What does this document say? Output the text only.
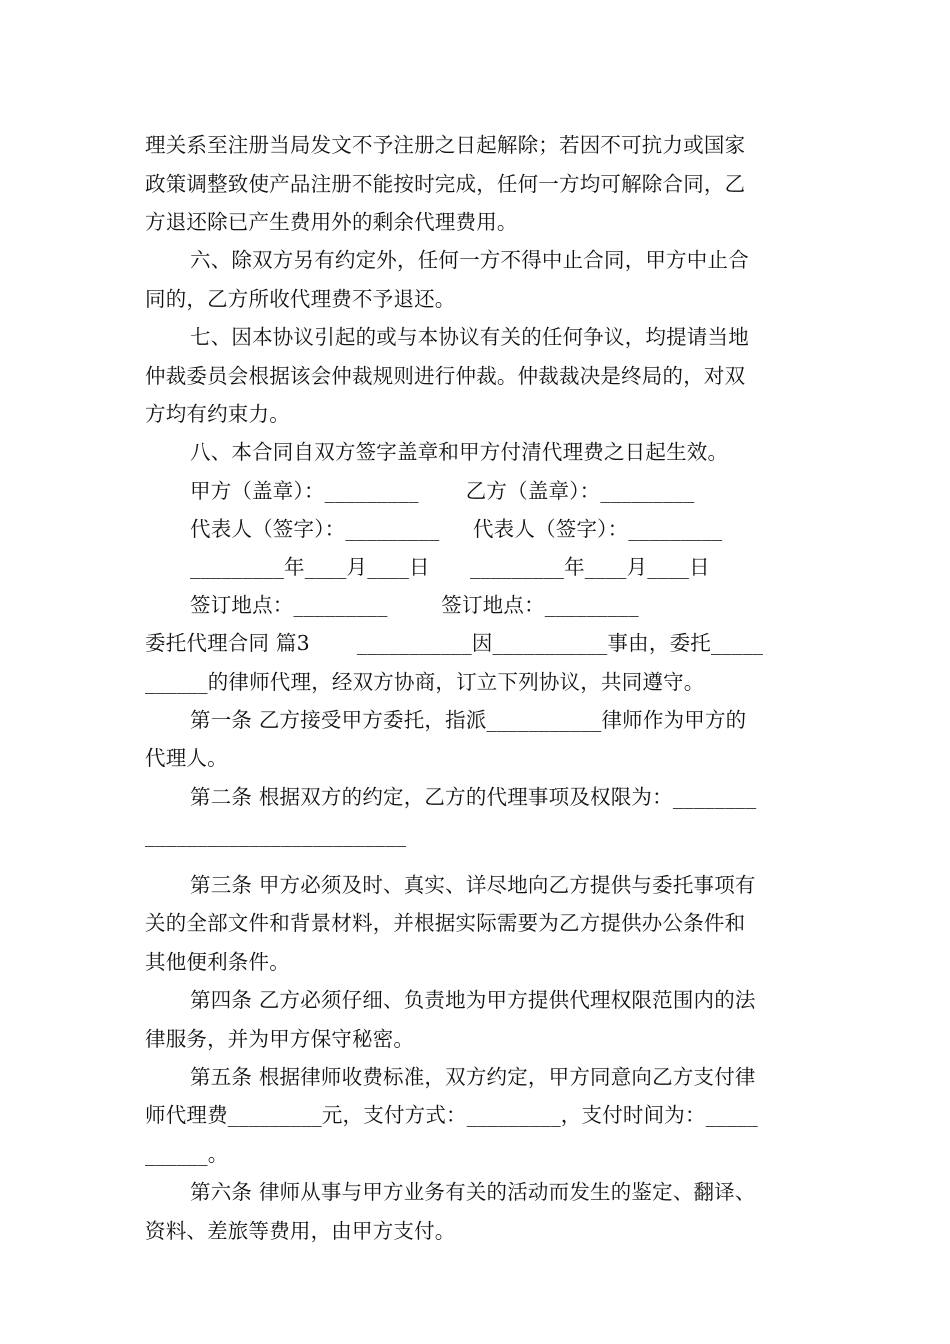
理关系至注册当局发文不予注册之日起解除；若因不可抗力或国家
政策调整致使产品注册不能按时完成，任何一方均可解除合同，乙
方退还除已产生费用外的剩余代理费用。
六、除双方另有约定外，任何一方不得中止合同，甲方中止合
同的，乙方所收代理费不予退还。
七、因本协议引起的或与本协议有关的任何争议，均提请当地
仲裁委员会根据该会仲裁规则进行仲裁。仲裁裁决是终局的，对双
方均有约束力。
八、本合同自双方签字盖章和甲方付清代理费之日起生效。
甲方（盖章）：_________       乙方（盖章）：_________
代表人（签字）：_________     代表人（签字）：_________
_________年____月____日      _________年____月____日
签订地点：_________        签订地点：_________
委托代理合同 篇3       ___________因___________事由，委托_____
______的律师代理，经双方协商，订立下列协议，共同遵守。
第一条 乙方接受甲方委托，指派___________律师作为甲方的
代理人。
第二条 根据双方的约定，乙方的代理事项及权限为：________
_________________________
第三条 甲方必须及时、真实、详尽地向乙方提供与委托事项有
关的全部文件和背景材料，并根据实际需要为乙方提供办公条件和
其他便利条件。
第四条 乙方必须仔细、负责地为甲方提供代理权限范围内的法
律服务，并为甲方保守秘密。
第五条 根据律师收费标准，双方约定，甲方同意向乙方支付律
师代理费_________元，支付方式：_________，支付时间为：_____
______。
第六条 律师从事与甲方业务有关的活动而发生的鉴定、翻译、
资料、差旅等费用，由甲方支付。
